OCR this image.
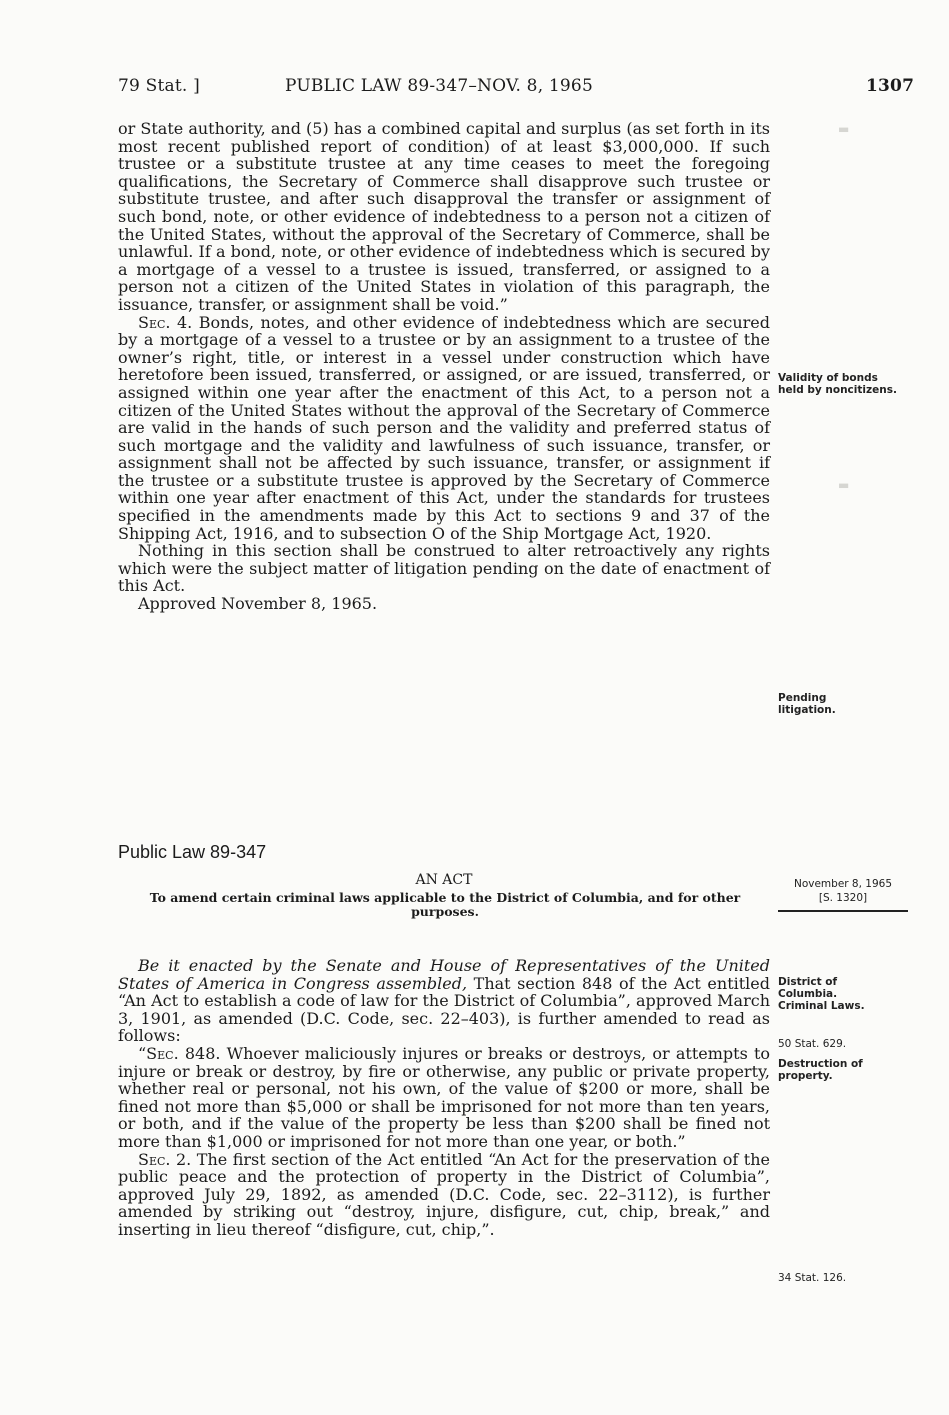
79 Stat. ]	PUBLIC LAW 89-347–NOV. 8, 1965	1307
▬
▬

or State authority, and (5) has a combined capital and surplus (as set forth in its most recent published report of condition) of at least $3,000,000. If such trustee or a substitute trustee at any time ceases to meet the foregoing qualifications, the Secretary of Commerce shall disapprove such trustee or substitute trustee, and after such disapproval the transfer or assignment of such bond, note, or other evidence of indebtedness to a person not a citizen of the United States, without the approval of the Secretary of Commerce, shall be unlawful. If a bond, note, or other evidence of indebtedness which is secured by a mortgage of a vessel to a trustee is issued, transferred, or assigned to a person not a citizen of the United States in violation of this paragraph, the issuance, transfer, or assignment shall be void.”

Sec. 4. Bonds, notes, and other evidence of indebtedness which are secured by a mortgage of a vessel to a trustee or by an assignment to a trustee of the owner’s right, title, or interest in a vessel under construction which have heretofore been issued, transferred, or assigned, or are issued, transferred, or assigned within one year after the enactment of this Act, to a person not a citizen of the United States without the approval of the Secretary of Commerce are valid in the hands of such person and the validity and preferred status of such mortgage and the validity and lawfulness of such issuance, transfer, or assignment shall not be affected by such issuance, transfer, or assignment if the trustee or a substitute trustee is approved by the Secretary of Commerce within one year after enactment of this Act, under the standards for trustees specified in the amendments made by this Act to sections 9 and 37 of the Shipping Act, 1916, and to subsection O of the Ship Mortgage Act, 1920.

Nothing in this section shall be construed to alter retroactively any rights which were the subject matter of litigation pending on the date of enactment of this Act.

Approved November 8, 1965.

Public Law 89-347
AN ACT
To amend certain criminal laws applicable to the District of Columbia, and for other purposes.

Be it enacted by the Senate and House of Representatives of the United States of America in Congress assembled, That section 848 of the Act entitled “An Act to establish a code of law for the District of Columbia”, approved March 3, 1901, as amended (D.C. Code, sec. 22–403), is further amended to read as follows:

“Sec. 848. Whoever maliciously injures or breaks or destroys, or attempts to injure or break or destroy, by fire or otherwise, any public or private property, whether real or personal, not his own, of the value of $200 or more, shall be fined not more than $5,000 or shall be imprisoned for not more than ten years, or both, and if the value of the property be less than $200 shall be fined not more than $1,000 or imprisoned for not more than one year, or both.”

Sec. 2. The first section of the Act entitled “An Act for the preservation of the public peace and the protection of property in the District of Columbia”, approved July 29, 1892, as amended (D.C. Code, sec. 22–3112), is further amended by striking out “destroy, injure, disfigure, cut, chip, break,” and inserting in lieu thereof “disfigure, cut, chip,”.

Validity of bonds held by noncitizens.
Pending litigation.
November 8, 1965
[S. 1320]
District of Columbia. Criminal Laws.
50 Stat. 629.
Destruction of property.
34 Stat. 126.
